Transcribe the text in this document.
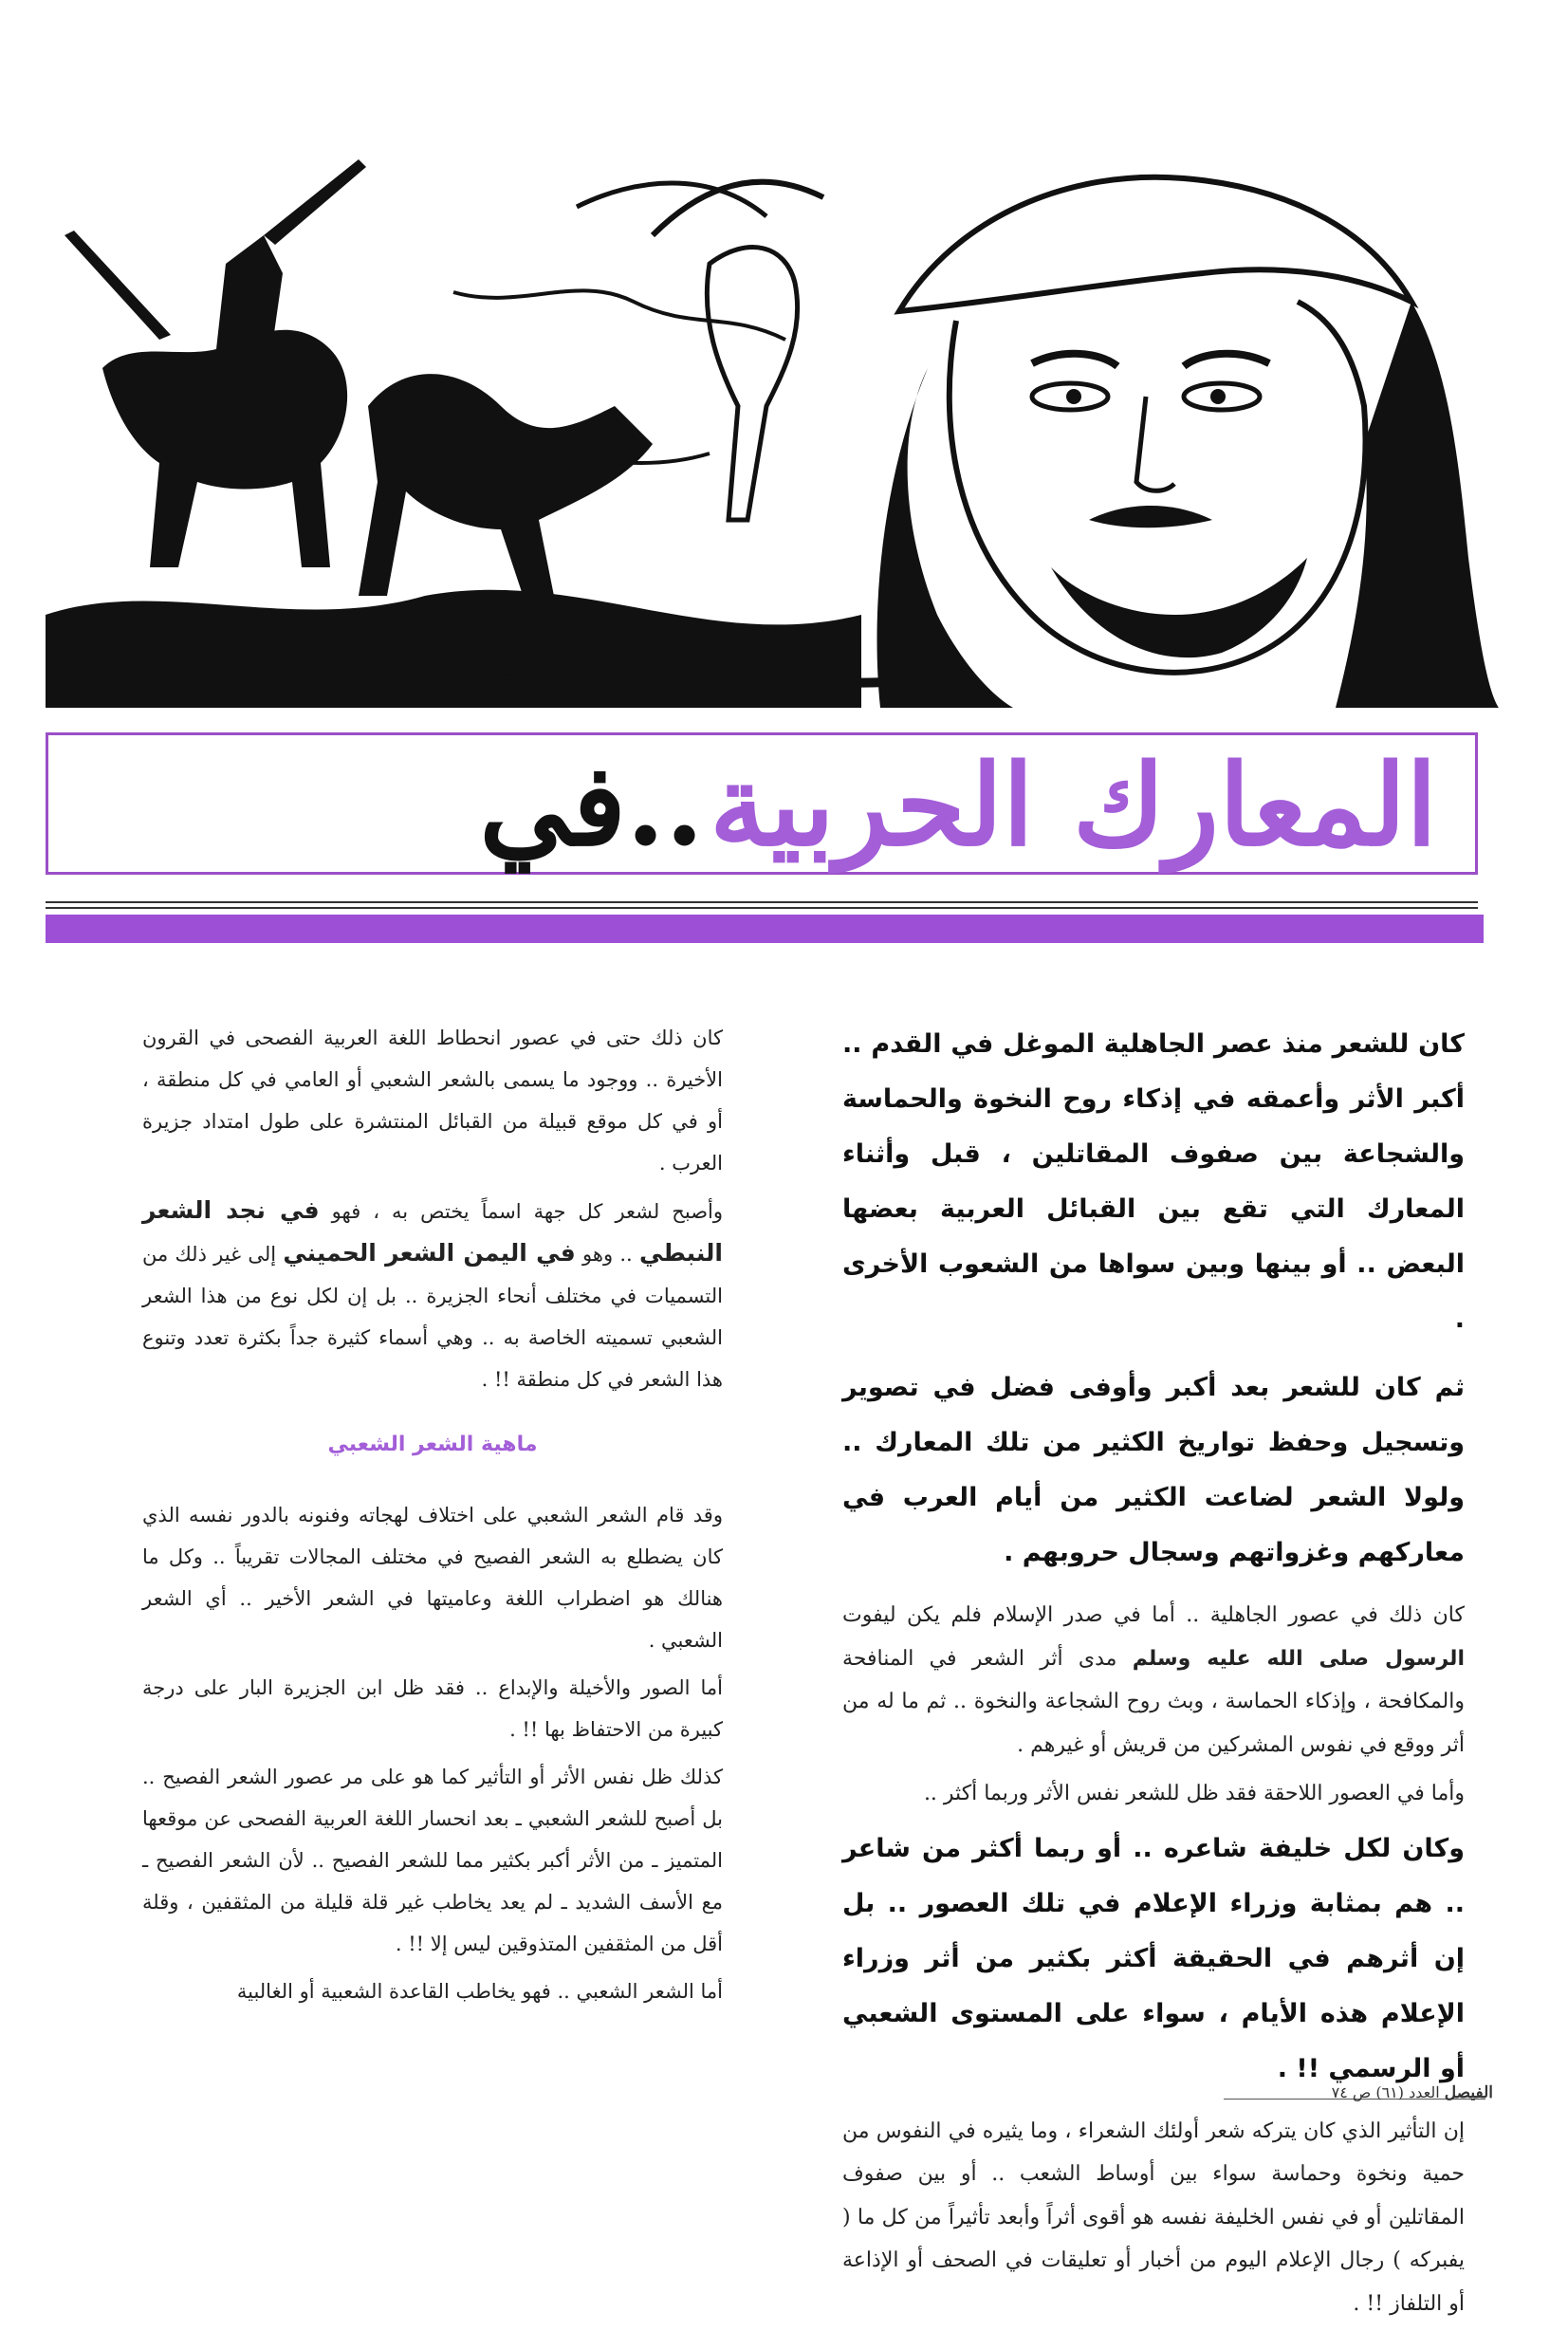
المعارك الحربية
..في

كان للشعر منذ عصر الجاهلية الموغل في القدم .. أكبر الأثر وأعمقه في إذكاء روح النخوة والحماسة والشجاعة بين صفوف المقاتلين ، قبل وأثناء المعارك التي تقع بين القبائل العربية بعضها البعض .. أو بينها وبين سواها من الشعوب الأخرى .

ثم كان للشعر بعد أكبر وأوفى فضل في تصوير وتسجيل وحفظ تواريخ الكثير من تلك المعارك .. ولولا الشعر لضاعت الكثير من أيام العرب في معاركهم وغزواتهم وسجال حروبهم .

كان ذلك في عصور الجاهلية .. أما في صدر الإسلام فلم يكن ليفوت الرسول صلى الله عليه وسلم مدى أثر الشعر في المنافحة والمكافحة ، وإذكاء الحماسة ، وبث روح الشجاعة والنخوة .. ثم ما له من أثر ووقع في نفوس المشركين من قريش أو غيرهم .

وأما في العصور اللاحقة فقد ظل للشعر نفس الأثر وربما أكثر ..

وكان لكل خليفة شاعره .. أو ربما أكثر من شاعر .. هم بمثابة وزراء الإعلام في تلك العصور .. بل إن أثرهم في الحقيقة أكثر بكثير من أثر وزراء الإعلام هذه الأيام ، سواء على المستوى الشعبي أو الرسمي !! .

إن التأثير الذي كان يتركه شعر أولئك الشعراء ، وما يثيره في النفوس من حمية ونخوة وحماسة سواء بين أوساط الشعب .. أو بين صفوف المقاتلين أو في نفس الخليفة نفسه هو أقوى أثراً وأبعد تأثيراً من كل ما ( يفبركه ) رجال الإعلام اليوم من أخبار أو تعليقات في الصحف أو الإذاعة أو التلفاز !! .

كان ذلك حتى في عصور انحطاط اللغة العربية الفصحى في القرون الأخيرة .. ووجود ما يسمى بالشعر الشعبي أو العامي في كل منطقة ، أو في كل موقع قبيلة من القبائل المنتشرة على طول امتداد جزيرة العرب .

وأصبح لشعر كل جهة اسماً يختص به ، فهو في نجد الشعر النبطي .. وهو في اليمن الشعر الحميني إلى غير ذلك من التسميات في مختلف أنحاء الجزيرة .. بل إن لكل نوع من هذا الشعر الشعبي تسميته الخاصة به .. وهي أسماء كثيرة جداً بكثرة تعدد وتنوع هذا الشعر في كل منطقة !! .

ماهية الشعر الشعبي

وقد قام الشعر الشعبي على اختلاف لهجاته وفنونه بالدور نفسه الذي كان يضطلع به الشعر الفصيح في مختلف المجالات تقريباً .. وكل ما هنالك هو اضطراب اللغة وعاميتها في الشعر الأخير .. أي الشعر الشعبي .

أما الصور والأخيلة والإبداع .. فقد ظل ابن الجزيرة البار على درجة كبيرة من الاحتفاظ بها !! .

كذلك ظل نفس الأثر أو التأثير كما هو على مر عصور الشعر الفصيح .. بل أصبح للشعر الشعبي ـ بعد انحسار اللغة العربية الفصحى عن موقعها المتميز ـ من الأثر أكبر بكثير مما للشعر الفصيح .. لأن الشعر الفصيح ـ مع الأسف الشديد ـ لم يعد يخاطب غير قلة قليلة من المثقفين ، وقلة أقل من المثقفين المتذوقين ليس إلا !! .

أما الشعر الشعبي .. فهو يخاطب القاعدة الشعبية أو الغالبية

الفيصل العدد (٦١) ص ٧٤
